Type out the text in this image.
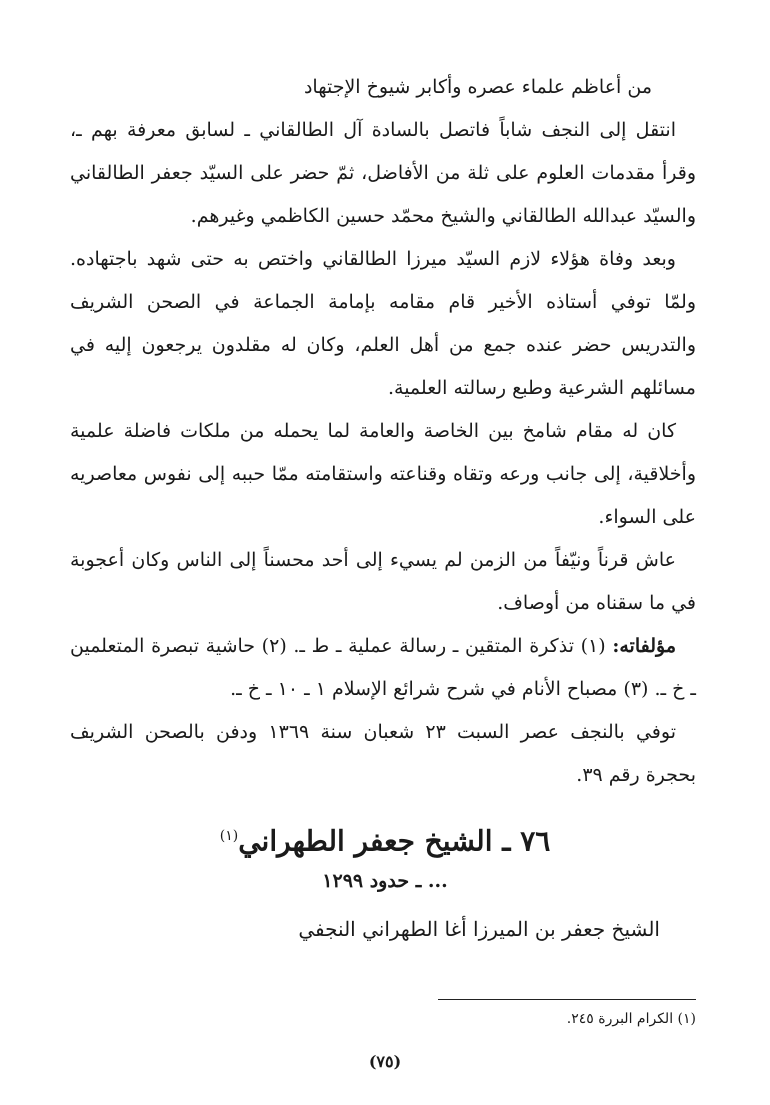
من أعاظم علماء عصره وأكابر شيوخ الإجتهاد

انتقل إلى النجف شاباً فاتصل بالسادة آل الطالقاني ـ لسابق معرفة بهم ـ، وقرأ مقدمات العلوم على ثلة من الأفاضل، ثمّ حضر على السيّد جعفر الطالقاني والسيّد عبدالله الطالقاني والشيخ محمّد حسين الكاظمي وغيرهم.

وبعد وفاة هؤلاء لازم السيّد ميرزا الطالقاني واختص به حتى شهد باجتهاده. ولمّا توفي أستاذه الأخير قام مقامه بإمامة الجماعة في الصحن الشريف والتدريس حضر عنده جمع من أهل العلم، وكان له مقلدون يرجعون إليه في مسائلهم الشرعية وطبع رسالته العلمية.

كان له مقام شامخ بين الخاصة والعامة لما يحمله من ملكات فاضلة علمية وأخلاقية، إلى جانب ورعه وتقاه وقناعته واستقامته ممّا حببه إلى نفوس معاصريه على السواء.

عاش قرناً ونيّفاً من الزمن لم يسيء إلى أحد محسناً إلى الناس وكان أعجوبة في ما سقناه من أوصاف.

مؤلفاته: (١) تذكرة المتقين ـ رسالة عملية ـ ط ـ. (٢) حاشية تبصرة المتعلمين ـ خ ـ. (٣) مصباح الأنام في شرح شرائع الإسلام ١ ـ ١٠ ـ خ ـ.

توفي بالنجف عصر السبت ٢٣ شعبان سنة ١٣٦٩ ودفن بالصحن الشريف بحجرة رقم ٣٩.

٧٦ ـ الشيخ جعفر الطهراني$^{(١)}$
... ـ حدود ١٢٩٩
الشيخ جعفر بن الميرزا أغا الطهراني النجفي
(١) الكرام البررة ٢٤٥.
(٧٥)
